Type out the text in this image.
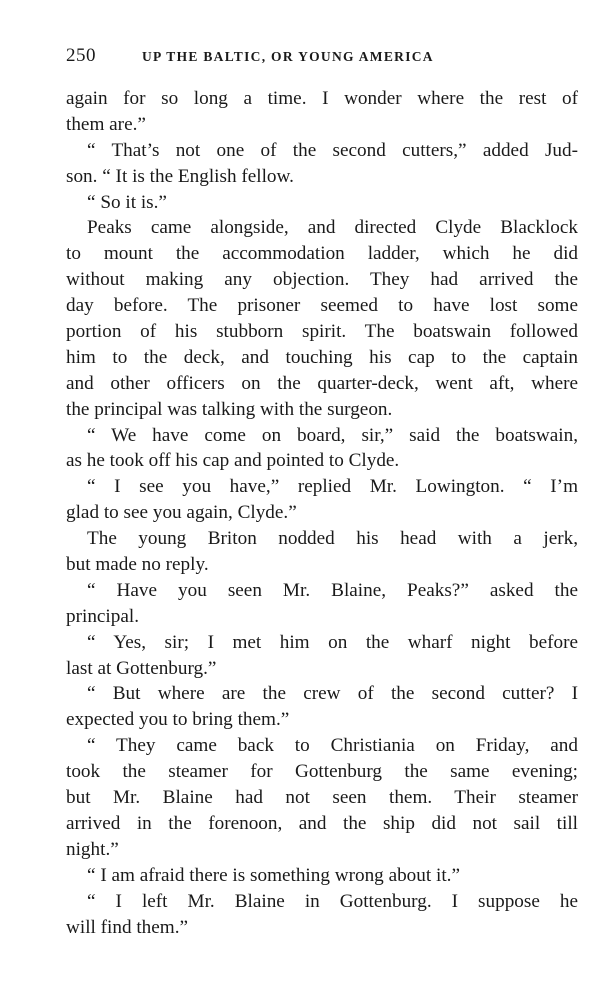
250	UP THE BALTIC, OR YOUNG AMERICA
again for so long a time. I wonder where the rest of
them are.”
“ That’s not one of the second cutters,” added Jud-
son. “ It is the English fellow.
“ So it is.”
Peaks came alongside, and directed Clyde Blacklock
to mount the accommodation ladder, which he did
without making any objection. They had arrived the
day before. The prisoner seemed to have lost some
portion of his stubborn spirit. The boatswain followed
him to the deck, and touching his cap to the captain
and other officers on the quarter-deck, went aft, where
the principal was talking with the surgeon.
“ We have come on board, sir,” said the boatswain,
as he took off his cap and pointed to Clyde.
“ I see you have,” replied Mr. Lowington. “ I’m
glad to see you again, Clyde.”
The young Briton nodded his head with a jerk,
but made no reply.
“ Have you seen Mr. Blaine, Peaks?” asked the
principal.
“ Yes, sir; I met him on the wharf night before
last at Gottenburg.”
“ But where are the crew of the second cutter? I
expected you to bring them.”
“ They came back to Christiania on Friday, and
took the steamer for Gottenburg the same evening;
but Mr. Blaine had not seen them. Their steamer
arrived in the forenoon, and the ship did not sail till
night.”
“ I am afraid there is something wrong about it.”
“ I left Mr. Blaine in Gottenburg. I suppose he
will find them.”
